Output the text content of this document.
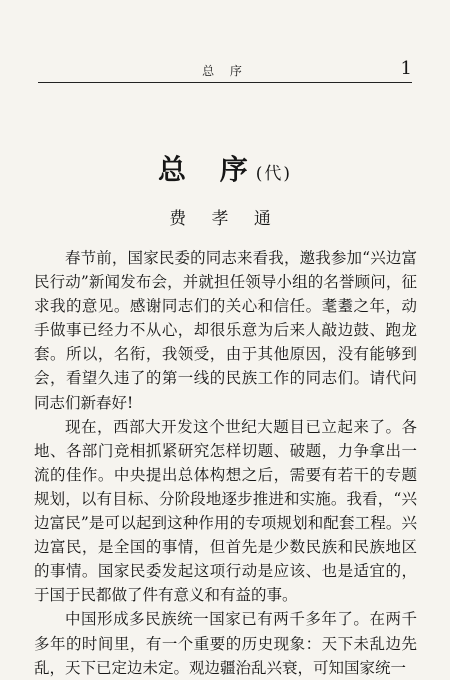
总 序	1
总 序(代)
费 孝 通

春节前，国家民委的同志来看我，邀我参加“兴边富民行动”新闻发布会，并就担任领导小组的名誉顾问，征求我的意见。感谢同志们的关心和信任。耄耋之年，动手做事已经力不从心，却很乐意为后来人敲边鼓、跑龙套。所以，名衔，我领受，由于其他原因，没有能够到会，看望久违了的第一线的民族工作的同志们。请代问同志们新春好!

现在，西部大开发这个世纪大题目已立起来了。各地、各部门竞相抓紧研究怎样切题、破题，力争拿出一流的佳作。中央提出总体构想之后，需要有若干的专题规划，以有目标、分阶段地逐步推进和实施。我看，“兴边富民”是可以起到这种作用的专项规划和配套工程。兴边富民，是全国的事情，但首先是少数民族和民族地区的事情。国家民委发起这项行动是应该、也是适宜的，于国于民都做了件有意义和有益的事。

中国形成多民族统一国家已有两千多年了。在两千多年的时间里，有一个重要的历史现象：天下未乱边先乱，天下已定边未定。观边疆治乱兴衰，可知国家统一
